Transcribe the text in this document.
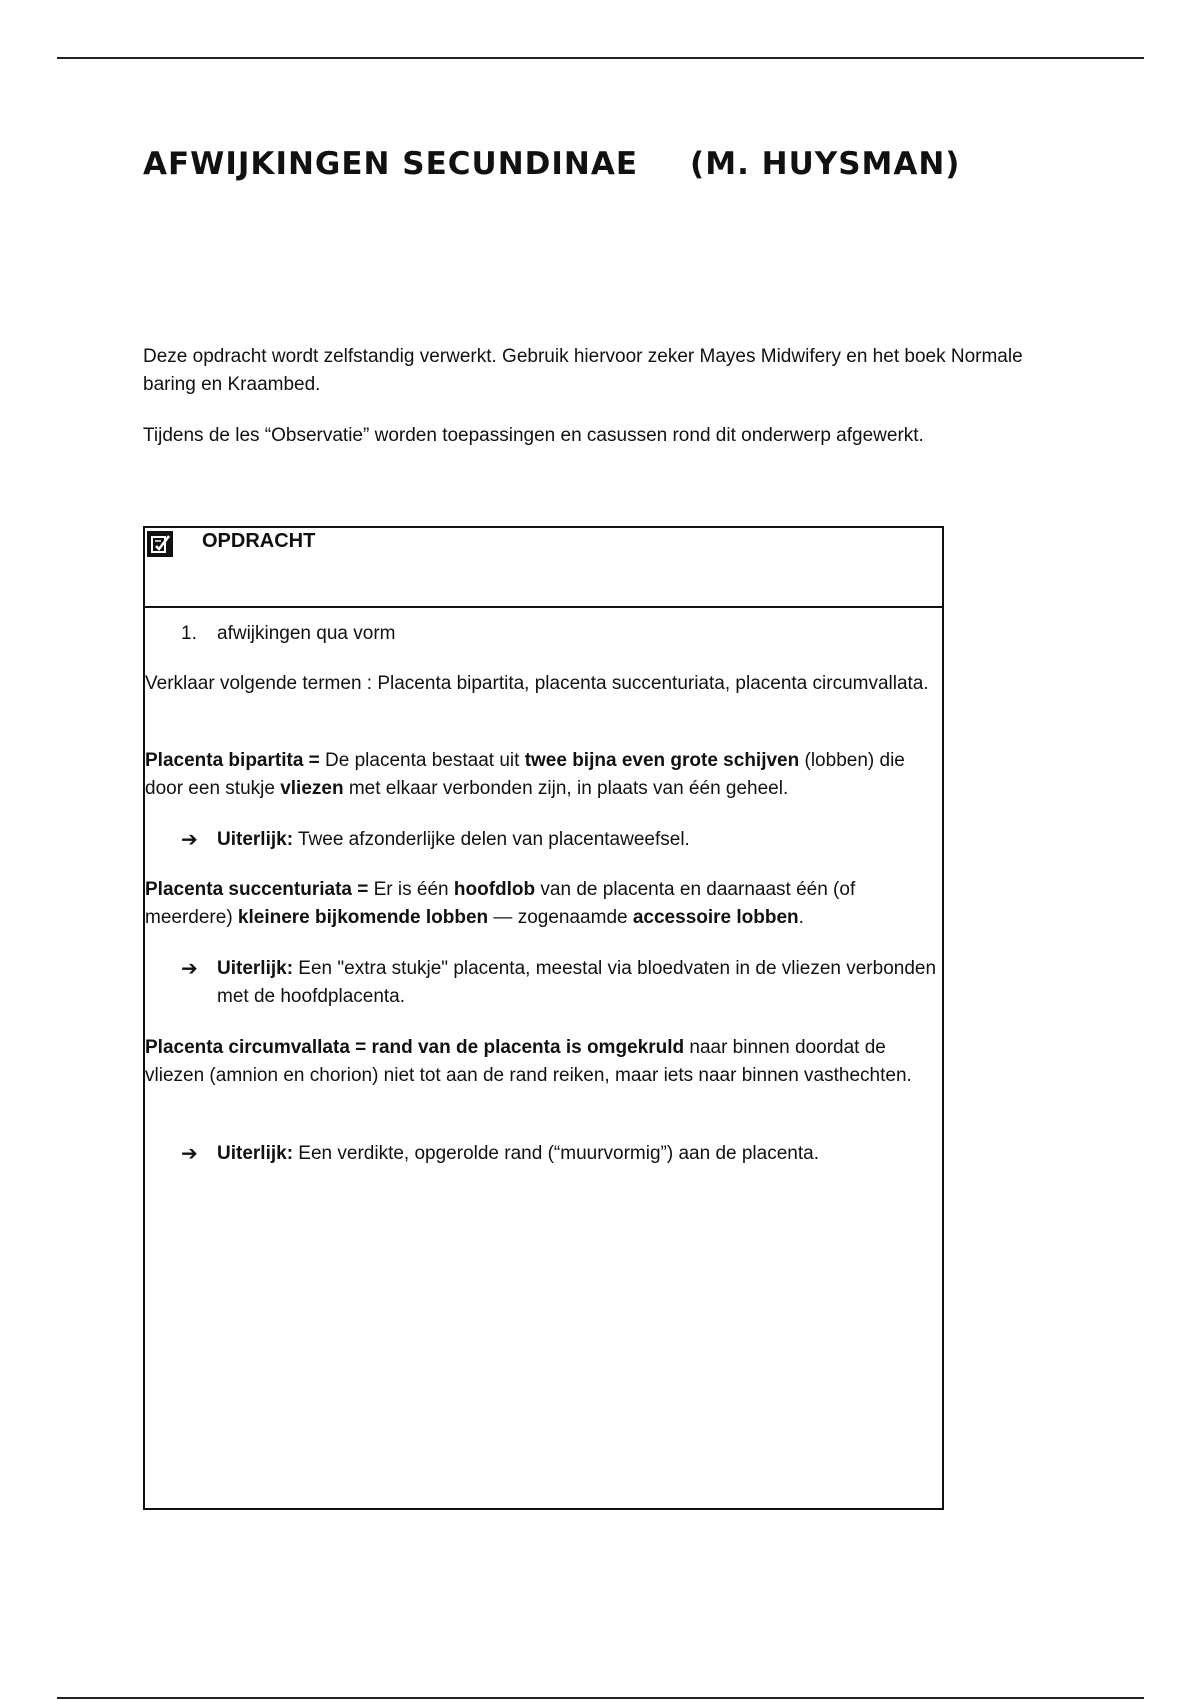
AFWIJKINGEN SECUNDINAE (M. HUYSMAN)

Deze opdracht wordt zelfstandig verwerkt. Gebruik hiervoor zeker Mayes Midwifery en het boek Normale baring en Kraambed.

Tijdens de les “Observatie” worden toepassingen en casussen rond dit onderwerp afgewerkt.

OPDRACHT

1. afwijkingen qua vorm

Verklaar volgende termen : Placenta bipartita, placenta succenturiata, placenta circumvallata.

Placenta bipartita = De placenta bestaat uit twee bijna even grote schijven (lobben) die door een stukje vliezen met elkaar verbonden zijn, in plaats van één geheel.

➔	Uiterlijk: Twee afzonderlijke delen van placentaweefsel.

Placenta succenturiata = Er is één hoofdlob van de placenta en daarnaast één (of meerdere) kleinere bijkomende lobben — zogenaamde accessoire lobben.

➔	Uiterlijk: Een "extra stukje" placenta, meestal via bloedvaten in de vliezen verbonden met de hoofdplacenta.

Placenta circumvallata = rand van de placenta is omgekruld naar binnen doordat de vliezen (amnion en chorion) niet tot aan de rand reiken, maar iets naar binnen vasthechten.

➔	Uiterlijk: Een verdikte, opgerolde rand (“muurvormig”) aan de placenta.
